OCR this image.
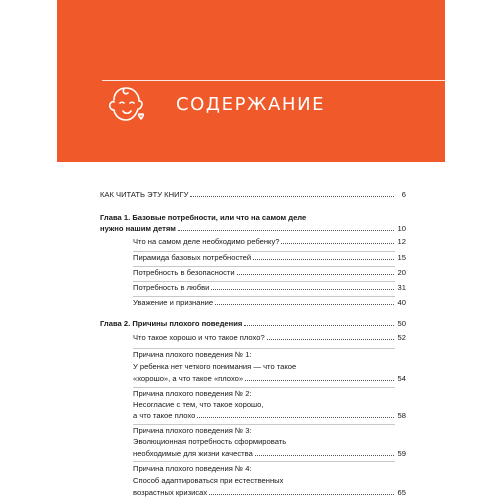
СОДЕРЖАНИЕ
КАК ЧИТАТЬ ЭТУ КНИГУ	6
Глава 1. Базовые потребности, или что на самом деле
нужно нашим детям	10
Что на самом деле необходимо ребенку?	12
Пирамида базовых потребностей	15
Потребность в безопасности	20
Потребность в любви	31
Уважение и признание	40
Глава 2. Причины плохого поведения	50
Что такое хорошо и что такое плохо?	52
Причина плохого поведения № 1:
У ребенка нет четкого понимания — что такое
«хорошо», а что такое «плохо»	54
Причина плохого поведения № 2:
Несогласие с тем, что такое хорошо,
а что такое плохо	58
Причина плохого поведения № 3:
Эволюционная потребность сформировать
необходимые для жизни качества	59
Причина плохого поведения № 4:
Способ адаптироваться при естественных
возрастных кризисах	65
